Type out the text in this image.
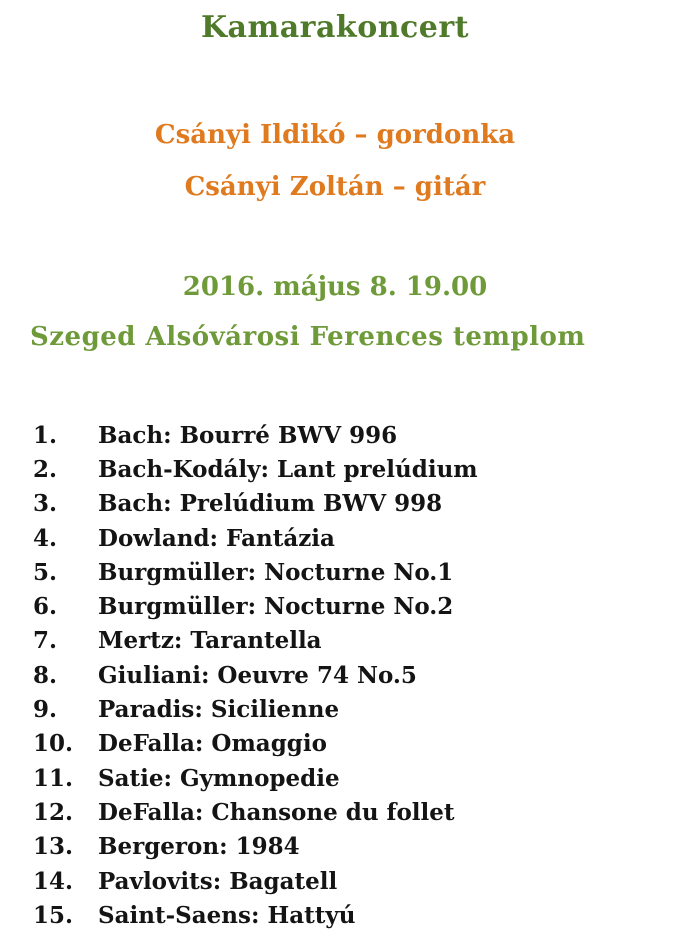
Kamarakoncert
Csányi Ildikó – gordonka
Csányi Zoltán – gitár
2016. május 8. 19.00
Szeged Alsóvárosi Ferences templom
1.	Bach: Bourré BWV 996
2.	Bach-Kodály: Lant prelúdium
3.	Bach: Prelúdium BWV 998
4.	Dowland: Fantázia
5.	Burgmüller: Nocturne No.1
6.	Burgmüller: Nocturne No.2
7.	Mertz: Tarantella
8.	Giuliani: Oeuvre 74 No.5
9.	Paradis: Sicilienne
10.	DeFalla: Omaggio
11.	Satie: Gymnopedie
12.	DeFalla: Chansone du follet
13.	Bergeron: 1984
14.	Pavlovits: Bagatell
15.	Saint-Saens: Hattyú
